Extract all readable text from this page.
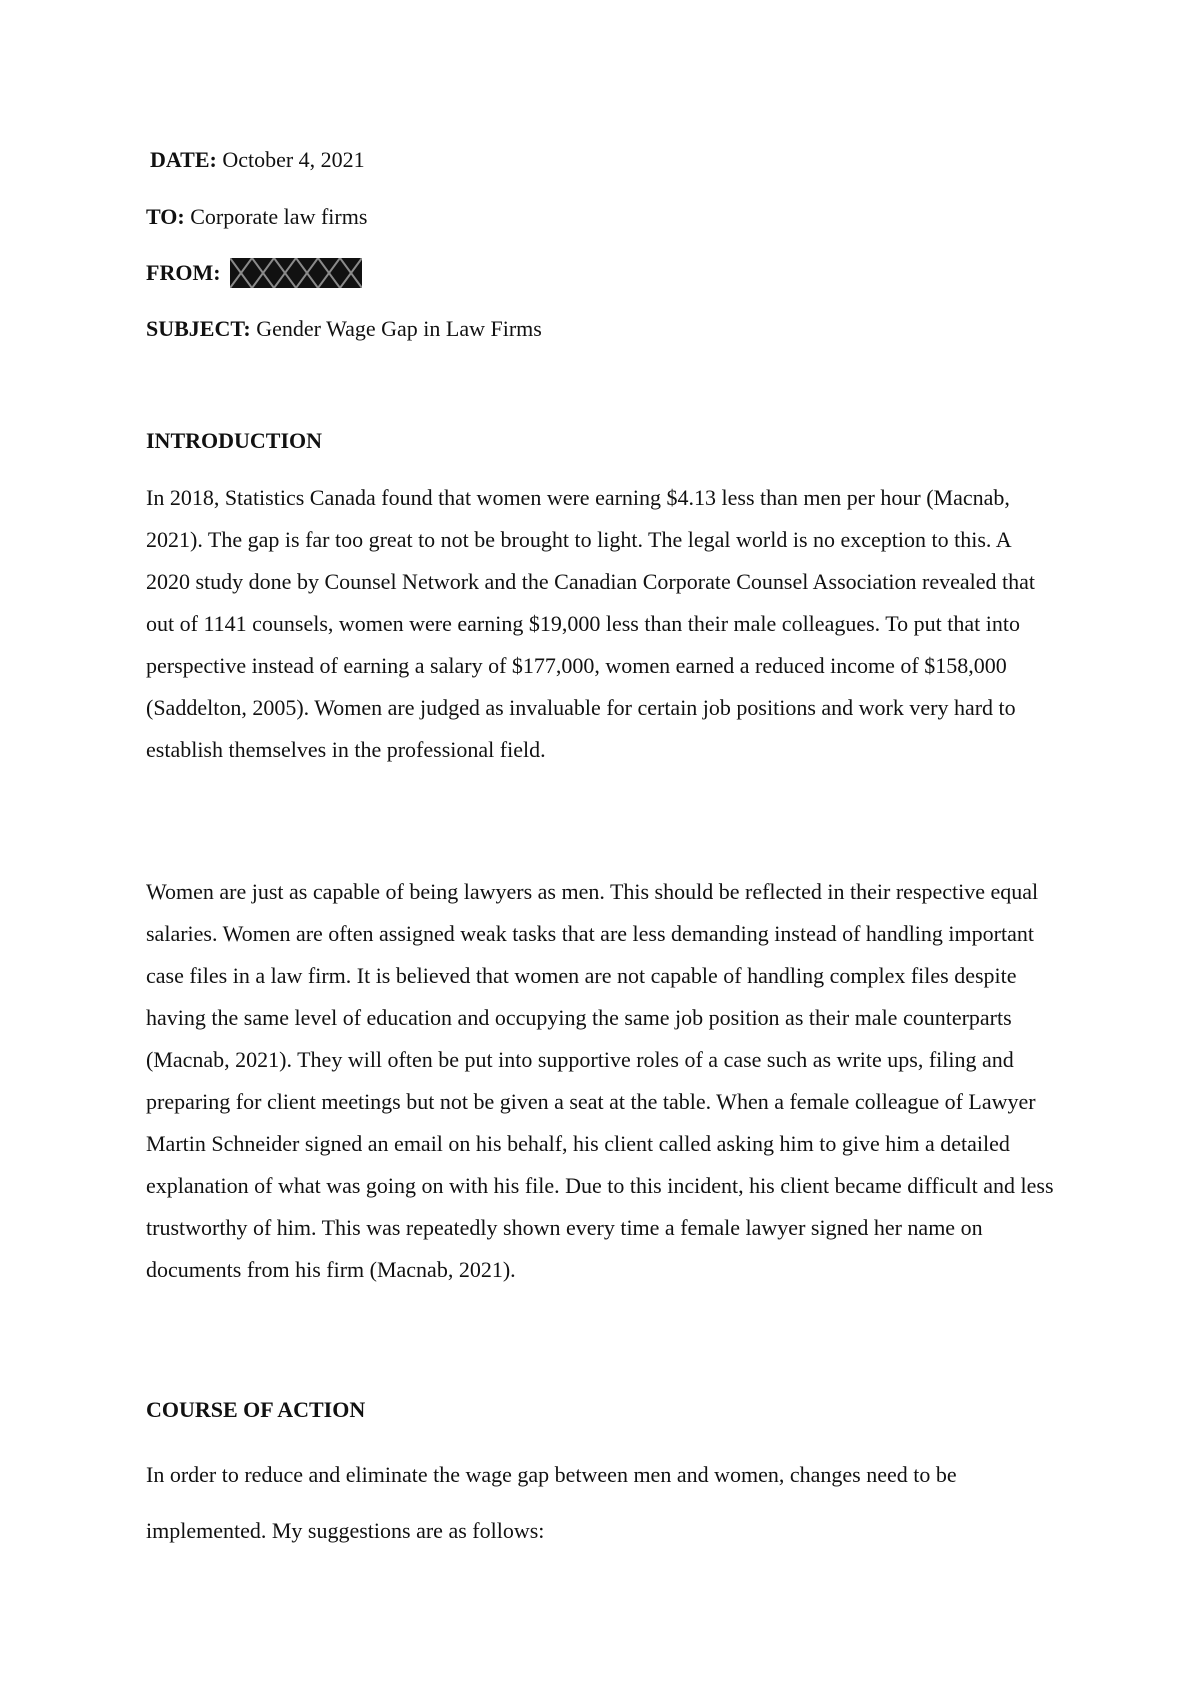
DATE: October 4, 2021
TO: Corporate law firms
FROM:
SUBJECT: Gender Wage Gap in Law Firms
INTRODUCTION
In 2018, Statistics Canada found that women were earning $4.13 less than men per hour (Macnab, 2021). The gap is far too great to not be brought to light. The legal world is no exception to this. A 2020 study done by Counsel Network and the Canadian Corporate Counsel Association revealed that out of 1141 counsels, women were earning $19,000 less than their male colleagues. To put that into perspective instead of earning a salary of $177,000, women earned a reduced income of $158,000 (Saddelton, 2005). Women are judged as invaluable for certain job positions and work very hard to establish themselves in the professional field.
Women are just as capable of being lawyers as men. This should be reflected in their respective equal salaries. Women are often assigned weak tasks that are less demanding instead of handling important case files in a law firm. It is believed that women are not capable of handling complex files despite having the same level of education and occupying the same job position as their male counterparts (Macnab, 2021). They will often be put into supportive roles of a case such as write ups, filing and preparing for client meetings but not be given a seat at the table. When a female colleague of Lawyer Martin Schneider signed an email on his behalf, his client called asking him to give him a detailed explanation of what was going on with his file. Due to this incident, his client became difficult and less trustworthy of him. This was repeatedly shown every time a female lawyer signed her name on documents from his firm (Macnab, 2021).
COURSE OF ACTION
In order to reduce and eliminate the wage gap between men and women, changes need to be implemented. My suggestions are as follows:
